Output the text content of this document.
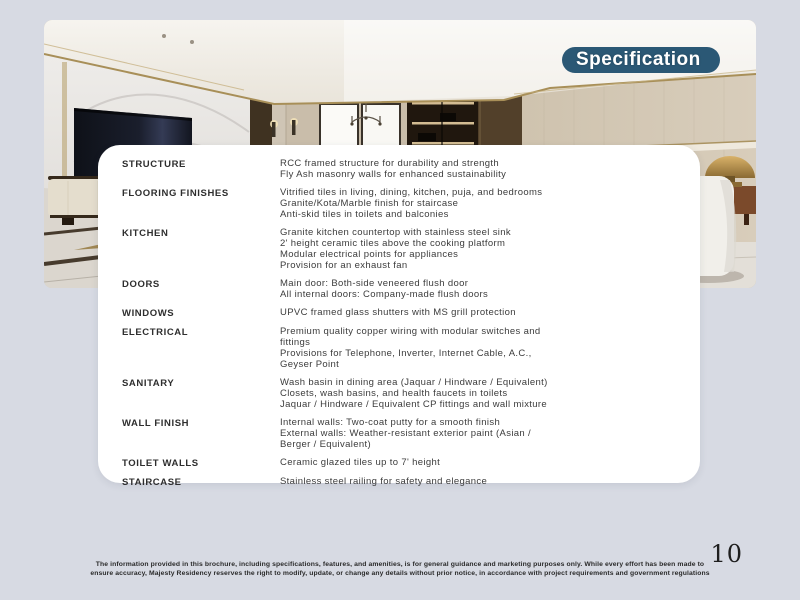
Specification
STRUCTURE	RCC framed structure for durability and strength
Fly Ash masonry walls for enhanced sustainability
FLOORING FINISHES	Vitrified tiles in living, dining, kitchen, puja, and bedrooms
Granite/Kota/Marble finish for staircase
Anti-skid tiles in toilets and balconies
KITCHEN	Granite kitchen countertop with stainless steel sink
2' height ceramic tiles above the cooking platform
Modular electrical points for appliances
Provision for an exhaust fan
DOORS	Main door: Both-side veneered flush door
All internal doors: Company-made flush doors
WINDOWS	UPVC framed glass shutters with MS grill protection
ELECTRICAL	Premium quality copper wiring with modular switches and
fittings
Provisions for Telephone, Inverter, Internet Cable, A.C.,
Geyser Point
SANITARY	Wash basin in dining area (Jaquar / Hindware / Equivalent)
Closets, wash basins, and health faucets in toilets
Jaquar / Hindware / Equivalent CP fittings and wall mixture
WALL FINISH	Internal walls: Two-coat putty for a smooth finish
External walls: Weather-resistant exterior paint (Asian /
Berger / Equivalent)
TOILET WALLS	Ceramic glazed tiles up to 7' height
STAIRCASE	Stainless steel railing for safety and elegance
10
The information provided in this brochure, including specifications, features, and amenities, is for general guidance and marketing purposes only. While every effort has been made to
ensure accuracy, Majesty Residency reserves the right to modify, update, or change any details without prior notice, in accordance with project requirements and government regulations
